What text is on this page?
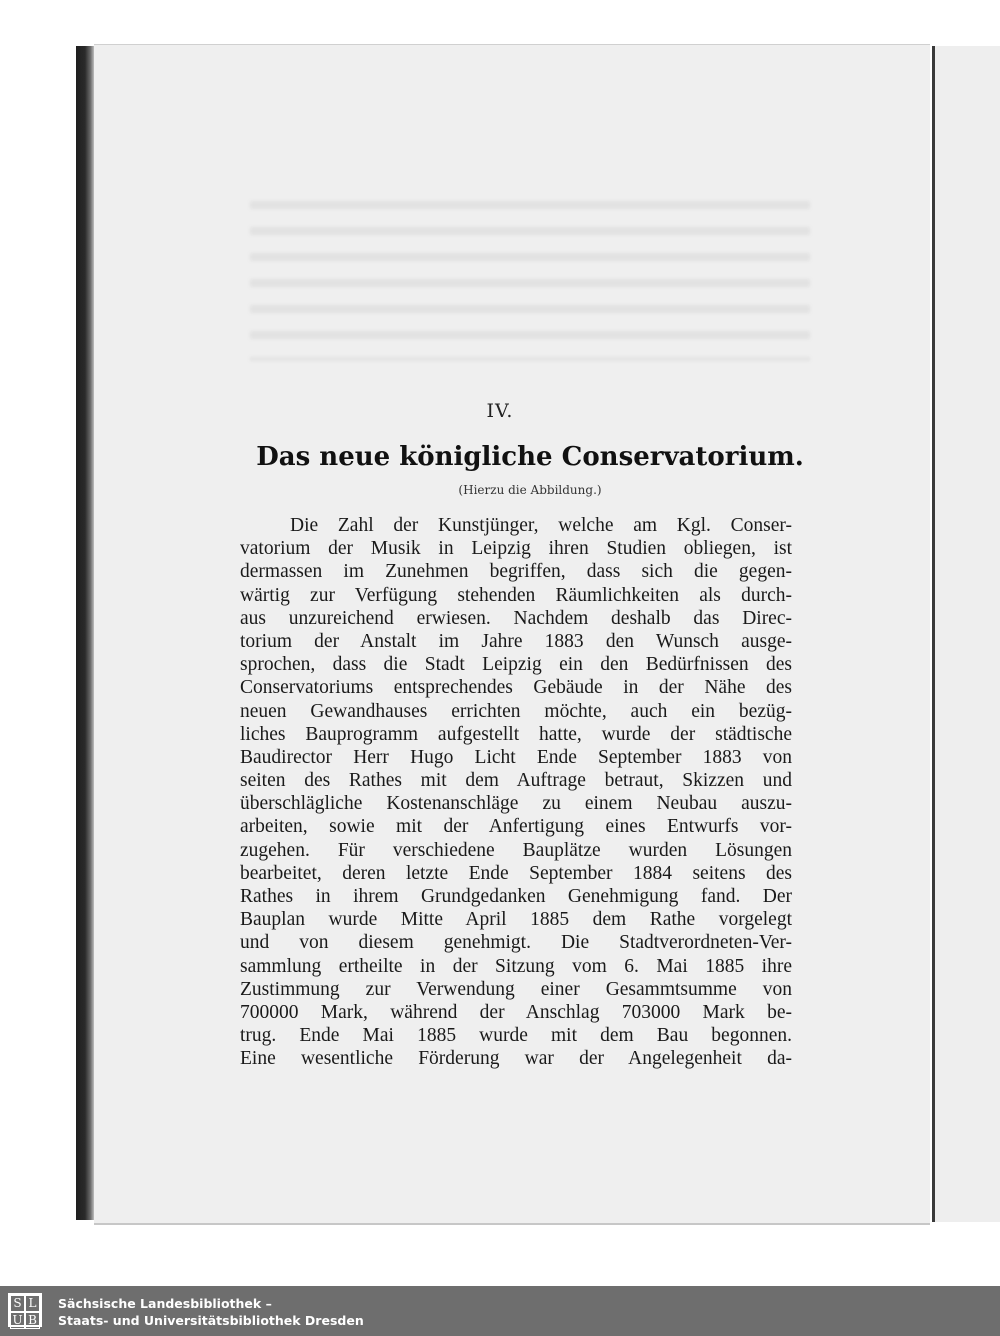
IV.
Das neue königliche Conservatorium.
(Hierzu die Abbildung.)
Die Zahl der Kunstjünger, welche am Kgl. Conser-
vatorium der Musik in Leipzig ihren Studien obliegen, ist
dermassen im Zunehmen begriffen, dass sich die gegen-
wärtig zur Verfügung stehenden Räumlichkeiten als durch-
aus unzureichend erwiesen. Nachdem deshalb das Direc-
torium der Anstalt im Jahre 1883 den Wunsch ausge-
sprochen, dass die Stadt Leipzig ein den Bedürfnissen des
Conservatoriums entsprechendes Gebäude in der Nähe des
neuen Gewandhauses errichten möchte, auch ein bezüg-
liches Bauprogramm aufgestellt hatte, wurde der städtische
Baudirector Herr Hugo Licht Ende September 1883 von
seiten des Rathes mit dem Auftrage betraut, Skizzen und
überschlägliche Kostenanschläge zu einem Neubau auszu-
arbeiten, sowie mit der Anfertigung eines Entwurfs vor-
zugehen. Für verschiedene Bauplätze wurden Lösungen
bearbeitet, deren letzte Ende September 1884 seitens des
Rathes in ihrem Grundgedanken Genehmigung fand. Der
Bauplan wurde Mitte April 1885 dem Rathe vorgelegt
und von diesem genehmigt. Die Stadtverordneten-Ver-
sammlung ertheilte in der Sitzung vom 6. Mai 1885 ihre
Zustimmung zur Verwendung einer Gesammtsumme von
700000 Mark, während der Anschlag 703000 Mark be-
trug. Ende Mai 1885 wurde mit dem Bau begonnen.
Eine wesentliche Förderung war der Angelegenheit da-
S L
U B
Sächsische Landesbibliothek –
Staats- und Universitätsbibliothek Dresden
